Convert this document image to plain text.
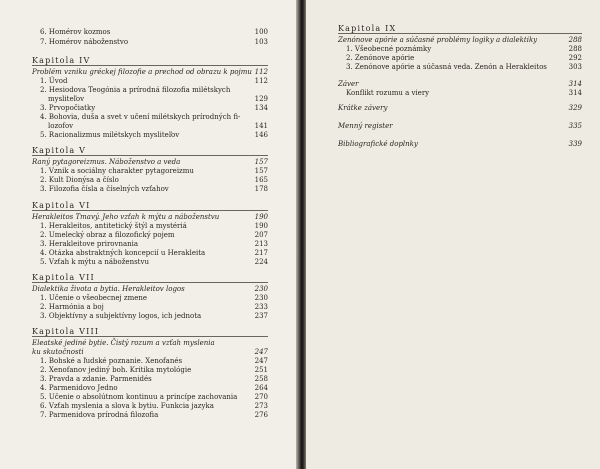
6. Homérov kozmos	100
7. Homérov náboženstvo	103
Kapitola IV
Problém vzniku gréckej filozofie a prechod od obrazu k pojmu 112
1. Úvod	112
2. Hesiodova Teogónia a prírodná filozofia milétskych
mysliteľov	129
3. Prvopočiatky	134
4. Bohovia, duša a svet v učení milétskych prírodných fi-
lozofov	141
5. Racionalizmus milétskych mysliteľov	146
Kapitola V
Raný pytagoreizmus. Náboženstvo a veda	157
1. Vznik a sociálny charakter pytagoreizmu	157
2. Kult Dionýsa a číslo	165
3. Filozofia čísla a číselných vzťahov	178
Kapitola VI
Herakleitos Tmavý. Jeho vzťah k mýtu a náboženstvu	190
1. Herakleitos, antitetický štýl a mystériá	190
2. Umelecký obraz a filozofický pojem	207
3. Herakleitove prirovnania	213
4. Otázka abstraktných koncepcií u Herakleita	217
5. Vzťah k mýtu a náboženstvu	224
Kapitola VII
Dialektika života a bytia. Herakleitov logos	230
1. Učenie o všeobecnej zmene	230
2. Harmónia a boj	233
3. Objektívny a subjektívny logos, ich jednota	237
Kapitola VIII
Eleatské jediné bytie. Čistý rozum a vzťah myslenia
ku skutočnosti	247
1. Bohské a ľudské poznanie. Xenofanés	247
2. Xenofanov jediný boh. Kritika mytológie	251
3. Pravda a zdanie. Parmenidés	258
4. Parmenidovo Jedno	264
5. Učenie o absolútnom kontinuu a princípe zachovania 270
6. Vzťah myslenia a slova k bytiu. Funkcia jazyka	273
7. Parmenidova prírodná filozofia	276
Kapitola IX
Zenónove apórie a súčasné problémy logiky a dialektiky	288
1. Všeobecné poznámky	288
2. Zenónove apórie	292
3. Zenónove apórie a súčasná veda. Zenón a Herakleitos	303
Záver	314
Konflikt rozumu a viery	314
Krátke závery	329
Menný register	335
Bibliografické doplnky	339
